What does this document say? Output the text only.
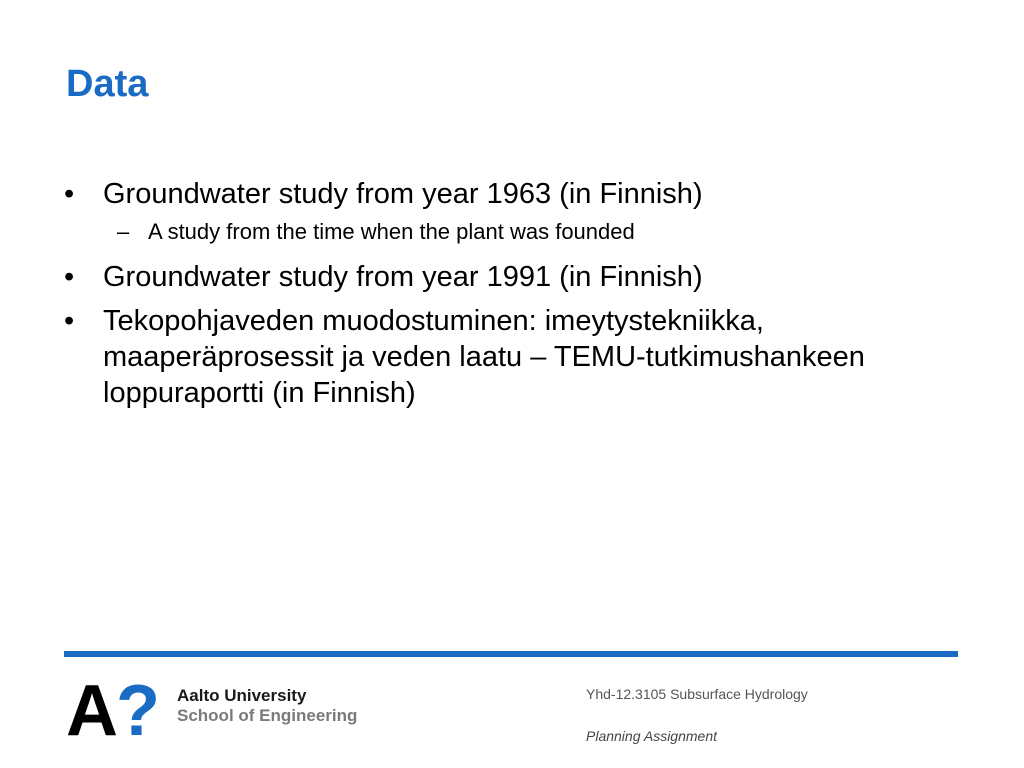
Data
• Groundwater study from year 1963 (in Finnish)
– A study from the time when the plant was founded
• Groundwater study from year 1991 (in Finnish)
• Tekopohjaveden muodostuminen: imeytystekniikka, maaperäprosessit ja veden laatu – TEMU-tutkimushankeen loppuraportti (in Finnish)
A ? Aalto University
School of Engineering
Yhd-12.3105 Subsurface Hydrology
Planning Assignment
